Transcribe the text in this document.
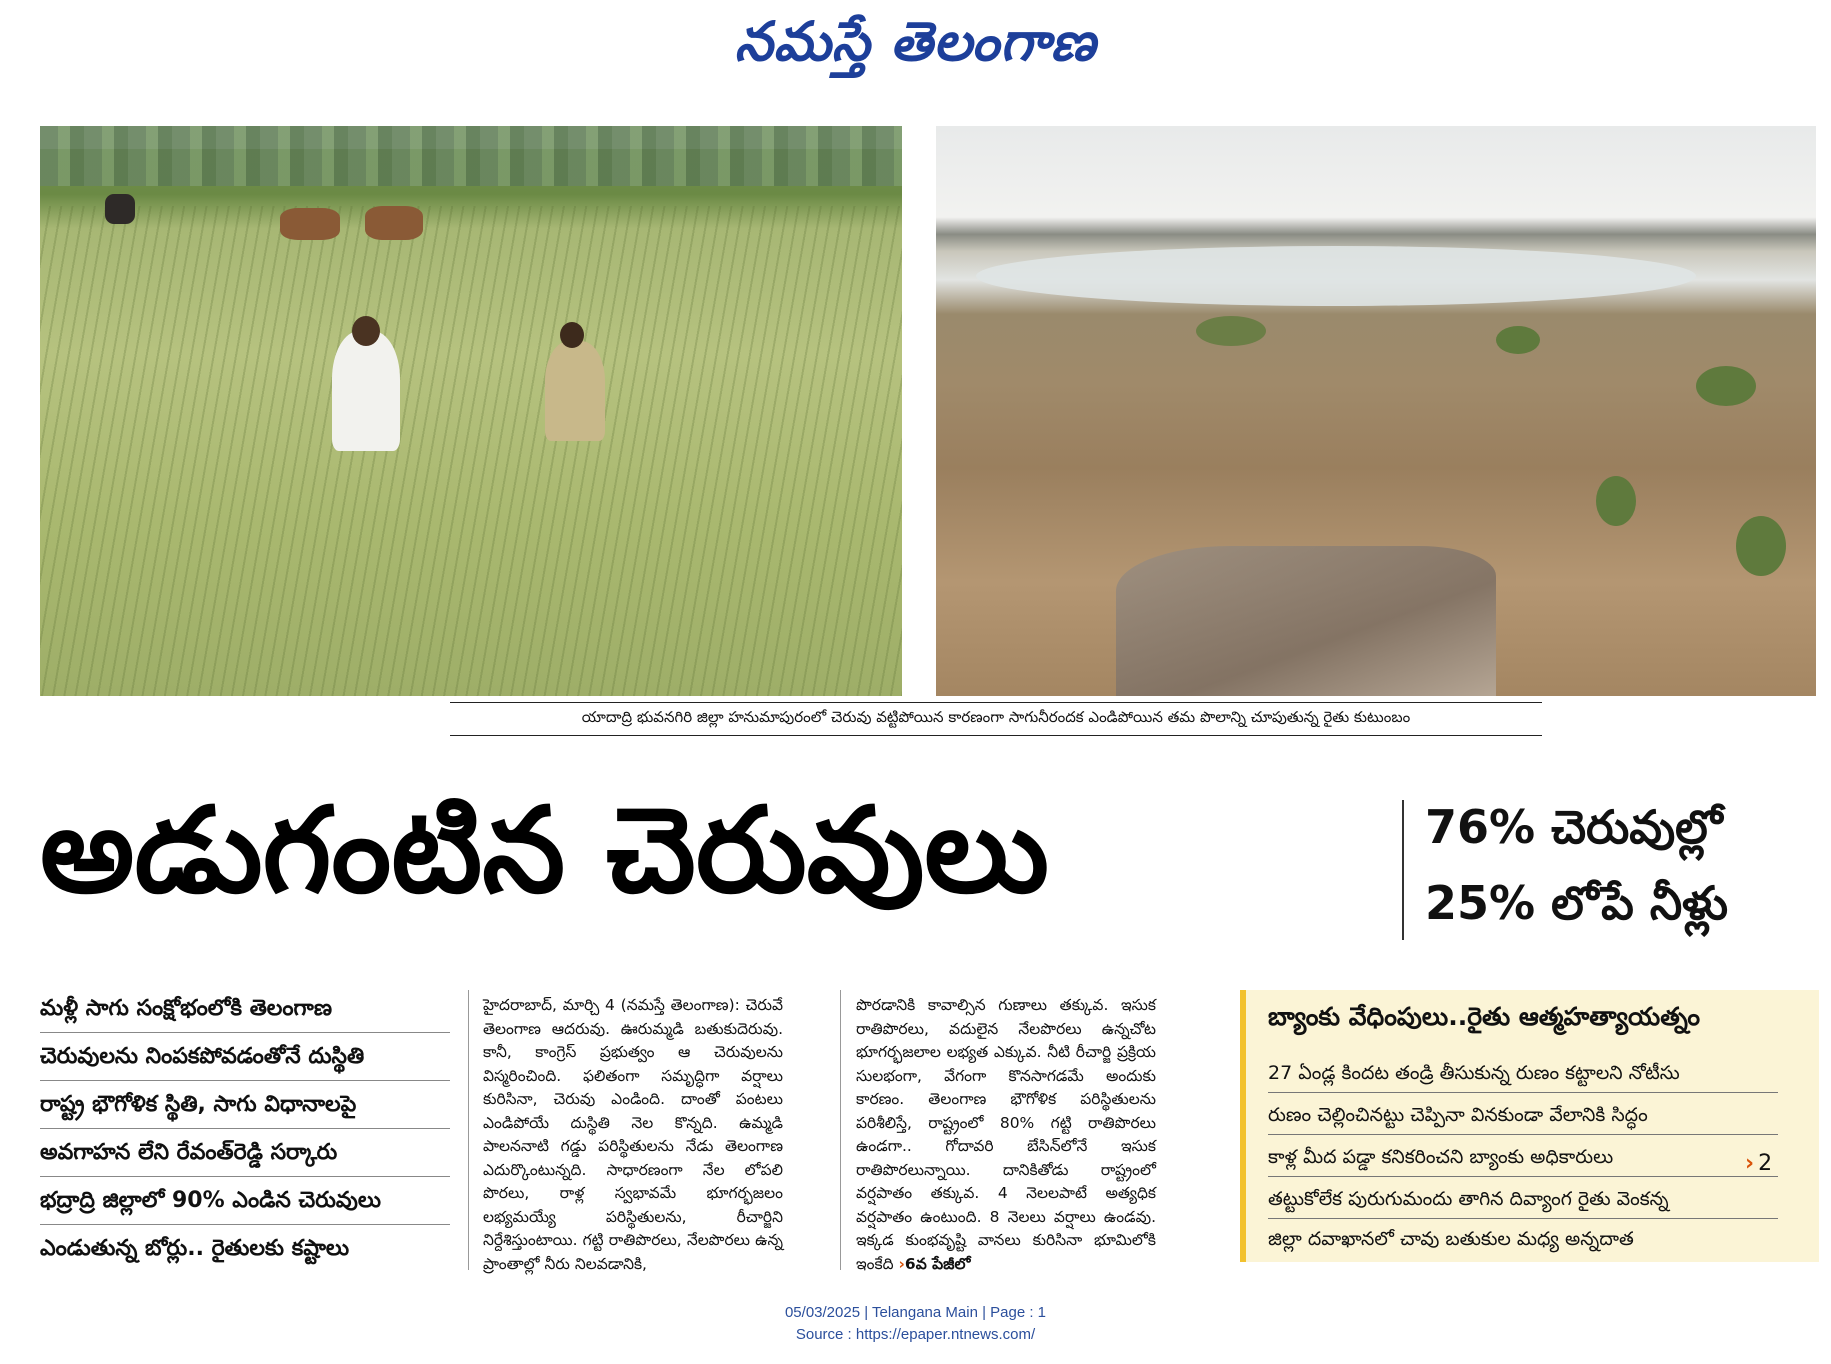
నమస్తే తెలంగాణ
యాదాద్రి భువనగిరి జిల్లా హనుమాపురంలో చెరువు వట్టిపోయిన కారణంగా సాగునీరందక ఎండిపోయిన తమ పొలాన్ని చూపుతున్న రైతు కుటుంబం
అడుగంటిన చెరువులు	76% చెరువుల్లో
25% లోపే నీళ్లు
మళ్లీ సాగు సంక్షోభంలోకి తెలంగాణ
చెరువులను నింపకపోవడంతోనే దుస్థితి
రాష్ట్ర భౌగోళిక స్థితి, సాగు విధానాలపై
అవగాహన లేని రేవంత్‌రెడ్డి సర్కారు
భద్రాద్రి జిల్లాలో 90% ఎండిన చెరువులు
ఎండుతున్న బోర్లు.. రైతులకు కష్టాలు

హైదరాబాద్, మార్చి 4 (నమస్తే తెలంగాణ): చెరువే తెలంగాణ ఆదరువు. ఊరుమ్మడి బతుకుదెరువు. కానీ, కాంగ్రెస్ ప్రభుత్వం ఆ చెరువులను విస్మరించింది. ఫలితంగా సమృద్ధిగా వర్షాలు కురిసినా, చెరువు ఎండింది. దాంతో పంటలు ఎండిపోయే దుస్థితి నెల కొన్నది. ఉమ్మడి పాలననాటి గడ్డు పరిస్థితులను నేడు తెలంగాణ ఎదుర్కొంటున్నది. సాధారణంగా నేల లోపలి పొరలు, రాళ్ల స్వభావమే భూగర్భజలం లభ్యమయ్యే పరిస్థితులను, రీచార్జిని నిర్దేశిస్తుంటాయి. గట్టి రాతిపొరలు, నేలపొరలు ఉన్న ప్రాంతాల్లో నీరు నిలవడానికి,

పొరడానికి కావాల్సిన గుణాలు తక్కువ. ఇసుక రాతిపొరలు, వదులైన నేలపొరలు ఉన్నచోట భూగర్భజలాల లభ్యత ఎక్కువ. నీటి రీచార్జి ప్రక్రియ సులభంగా, వేగంగా కొనసాగడమే అందుకు కారణం. తెలంగాణ భౌగోళిక పరిస్థితులను పరిశీలిస్తే, రాష్ట్రంలో 80% గట్టి రాతిపొరలు ఉండగా.. గోదావరి బేసిన్‌లోనే ఇసుక రాతిపొరలున్నాయి. దానికితోడు రాష్ట్రంలో వర్షపాతం తక్కువ. 4 నెలలపాటే అత్యధిక వర్షపాతం ఉంటుంది. 8 నెలలు వర్షాలు ఉండవు. ఇక్కడ కుంభవృష్టి వానలు కురిసినా భూమిలోకి ఇంకేది ›6వ పేజీలో

బ్యాంకు వేధింపులు..రైతు ఆత్మహత్యాయత్నం
27 ఏండ్ల కిందట తండ్రి తీసుకున్న రుణం కట్టాలని నోటీసు
రుణం చెల్లించినట్టు చెప్పినా వినకుండా వేలానికి సిద్ధం
కాళ్ల మీద పడ్డా కనికరించని బ్యాంకు అధికారులు
తట్టుకోలేక పురుగుమందు తాగిన దివ్యాంగ రైతు వెంకన్న
జిల్లా దవాఖానలో చావు బతుకుల మధ్య అన్నదాత
› 2
05/03/2025 | Telangana Main | Page : 1
Source : https://epaper.ntnews.com/
